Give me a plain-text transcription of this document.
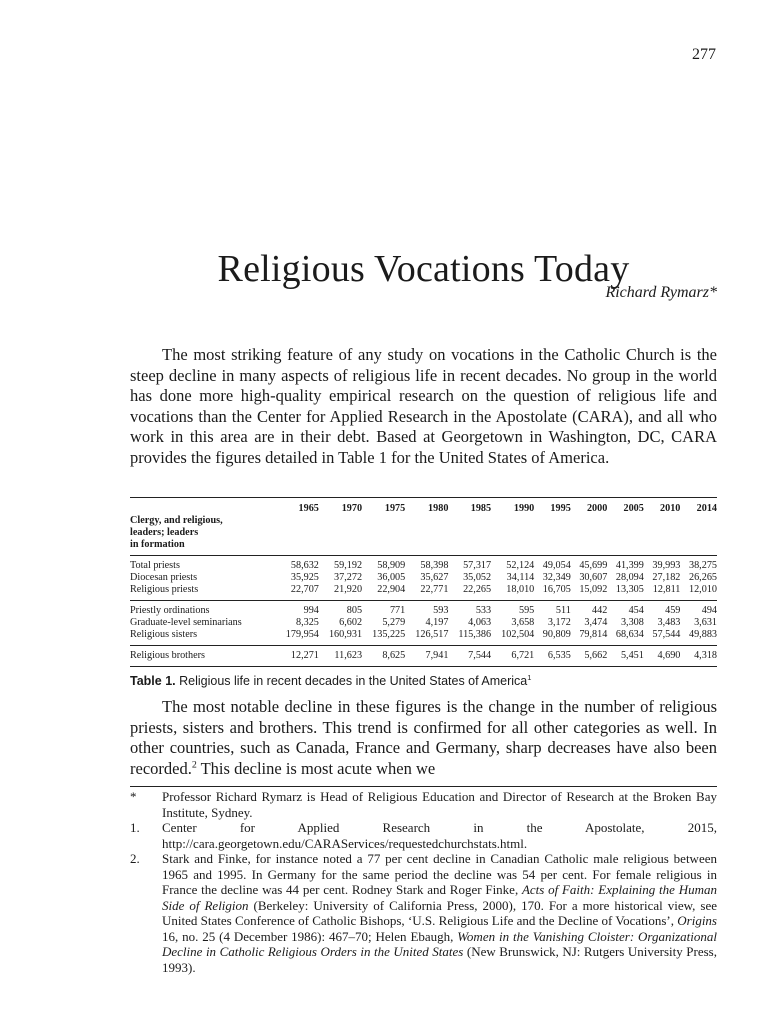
277
Religious Vocations Today
Richard Rymarz*

The most striking feature of any study on vocations in the Catholic Church is the steep decline in many aspects of religious life in recent decades. No group in the world has done more high-quality empirical research on the question of religious life and vocations than the Center for Applied Research in the Apostolate (CARA), and all who work in this area are in their debt. Based at Georgetown in Washington, DC, CARA provides the figures detailed in Table 1 for the United States of America.

	1965	1970	1975	1980	1985	1990	1995	2000	2005	2010	2014

Clergy, and religious,
leaders; leaders
in formation											

Total priests	58,632	59,192	58,909	58,398	57,317	52,124	49,054	45,699	41,399	39,993	38,275
Diocesan priests	35,925	37,272	36,005	35,627	35,052	34,114	32,349	30,607	28,094	27,182	26,265
Religious priests	22,707	21,920	22,904	22,771	22,265	18,010	16,705	15,092	13,305	12,811	12,010
Priestly ordinations	994	805	771	593	533	595	511	442	454	459	494
Graduate-level seminarians	8,325	6,602	5,279	4,197	4,063	3,658	3,172	3,474	3,308	3,483	3,631
Religious sisters	179,954	160,931	135,225	126,517	115,386	102,504	90,809	79,814	68,634	57,544	49,883
Religious brothers	12,271	11,623	8,625	7,941	7,544	6,721	6,535	5,662	5,451	4,690	4,318
Table 1. Religious life in recent decades in the United States of America$^1$

The most notable decline in these figures is the change in the number of religious priests, sisters and brothers. This trend is confirmed for all other categories as well. In other countries, such as Canada, France and Germany, sharp decreases have also been recorded.$^2$ This decline is most acute when we

*	Professor Richard Rymarz is Head of Religious Education and Director of Research at the Broken Bay Institute, Sydney.
1.	Center for Applied Research in the Apostolate, 2015, http://cara.georgetown.edu/CARAServices/requestedchurchstats.html.
2.	Stark and Finke, for instance noted a 77 per cent decline in Canadian Catholic male religious between 1965 and 1995. In Germany for the same period the decline was 54 per cent. For female religious in France the decline was 44 per cent. Rodney Stark and Roger Finke, Acts of Faith: Explaining the Human Side of Religion (Berkeley: University of California Press, 2000), 170. For a more historical view, see United States Conference of Catholic Bishops, ‘U.S. Religious Life and the Decline of Vocations’, Origins 16, no. 25 (4 December 1986): 467–70; Helen Ebaugh, Women in the Vanishing Cloister: Organizational Decline in Catholic Religious Orders in the United States (New Brunswick, NJ: Rutgers University Press, 1993).
